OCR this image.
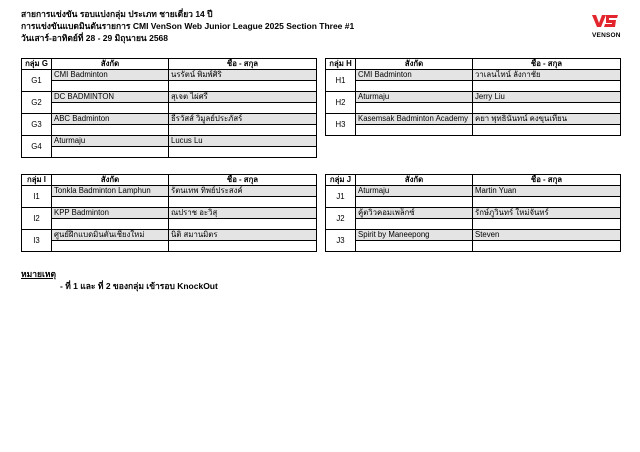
สายการแข่งขัน รอบแบ่งกลุ่ม ประเภท ชายเดี่ยว 14 ปี
การแข่งขันแบดมินตันรายการ CMI VenSon Web Junior League 2025 Section Three #1
วันเสาร์-อาทิตย์ที่ 28 - 29 มิถุนายน 2568	VENSON
กลุ่ม G	สังกัด	ชื่อ - สกุล
G1	CMI Badminton	นรรัตน์ พิมพ์ศิริ

G2	DC BADMINTON	สุเจต ไผ่ศรี

G3	ABC Badminton	ธีรวัสส์ วิมูลย์ประภัสร์

G4	Aturmaju	Lucus Lu

กลุ่ม H	สังกัด	ชื่อ - สกุล
H1	CMI Badminton	วาเลนไทน์ ลังกาชัย

H2	Aturmaju	Jerry Liu

H3	Kasemsak Badminton Academy	คยา พุทธินันทน์ คงขุนเทียน

กลุ่ม I	สังกัด	ชื่อ - สกุล
I1	Tonkla Badminton Lamphun	รัตนเทพ ทิพย์ประสงค์

I2	KPP Badminton	ณปราช อะวิสุ

I3	ศูนย์ฝึกแบดมินตันเชียงใหม่	นิติ สมานมิตร

กลุ่ม J	สังกัด	ชื่อ - สกุล
J1	Aturmaju	Martin Yuan

J2	คู้ตวิวคอมเพล็กซ์	รักษ์ภูวินทร์ ใหม่จันทร์

J3	Spirit by Maneepong	Steven

หมายเหตุ
- ที่ 1 และ ที่ 2 ของกลุ่ม เข้ารอบ KnockOut
